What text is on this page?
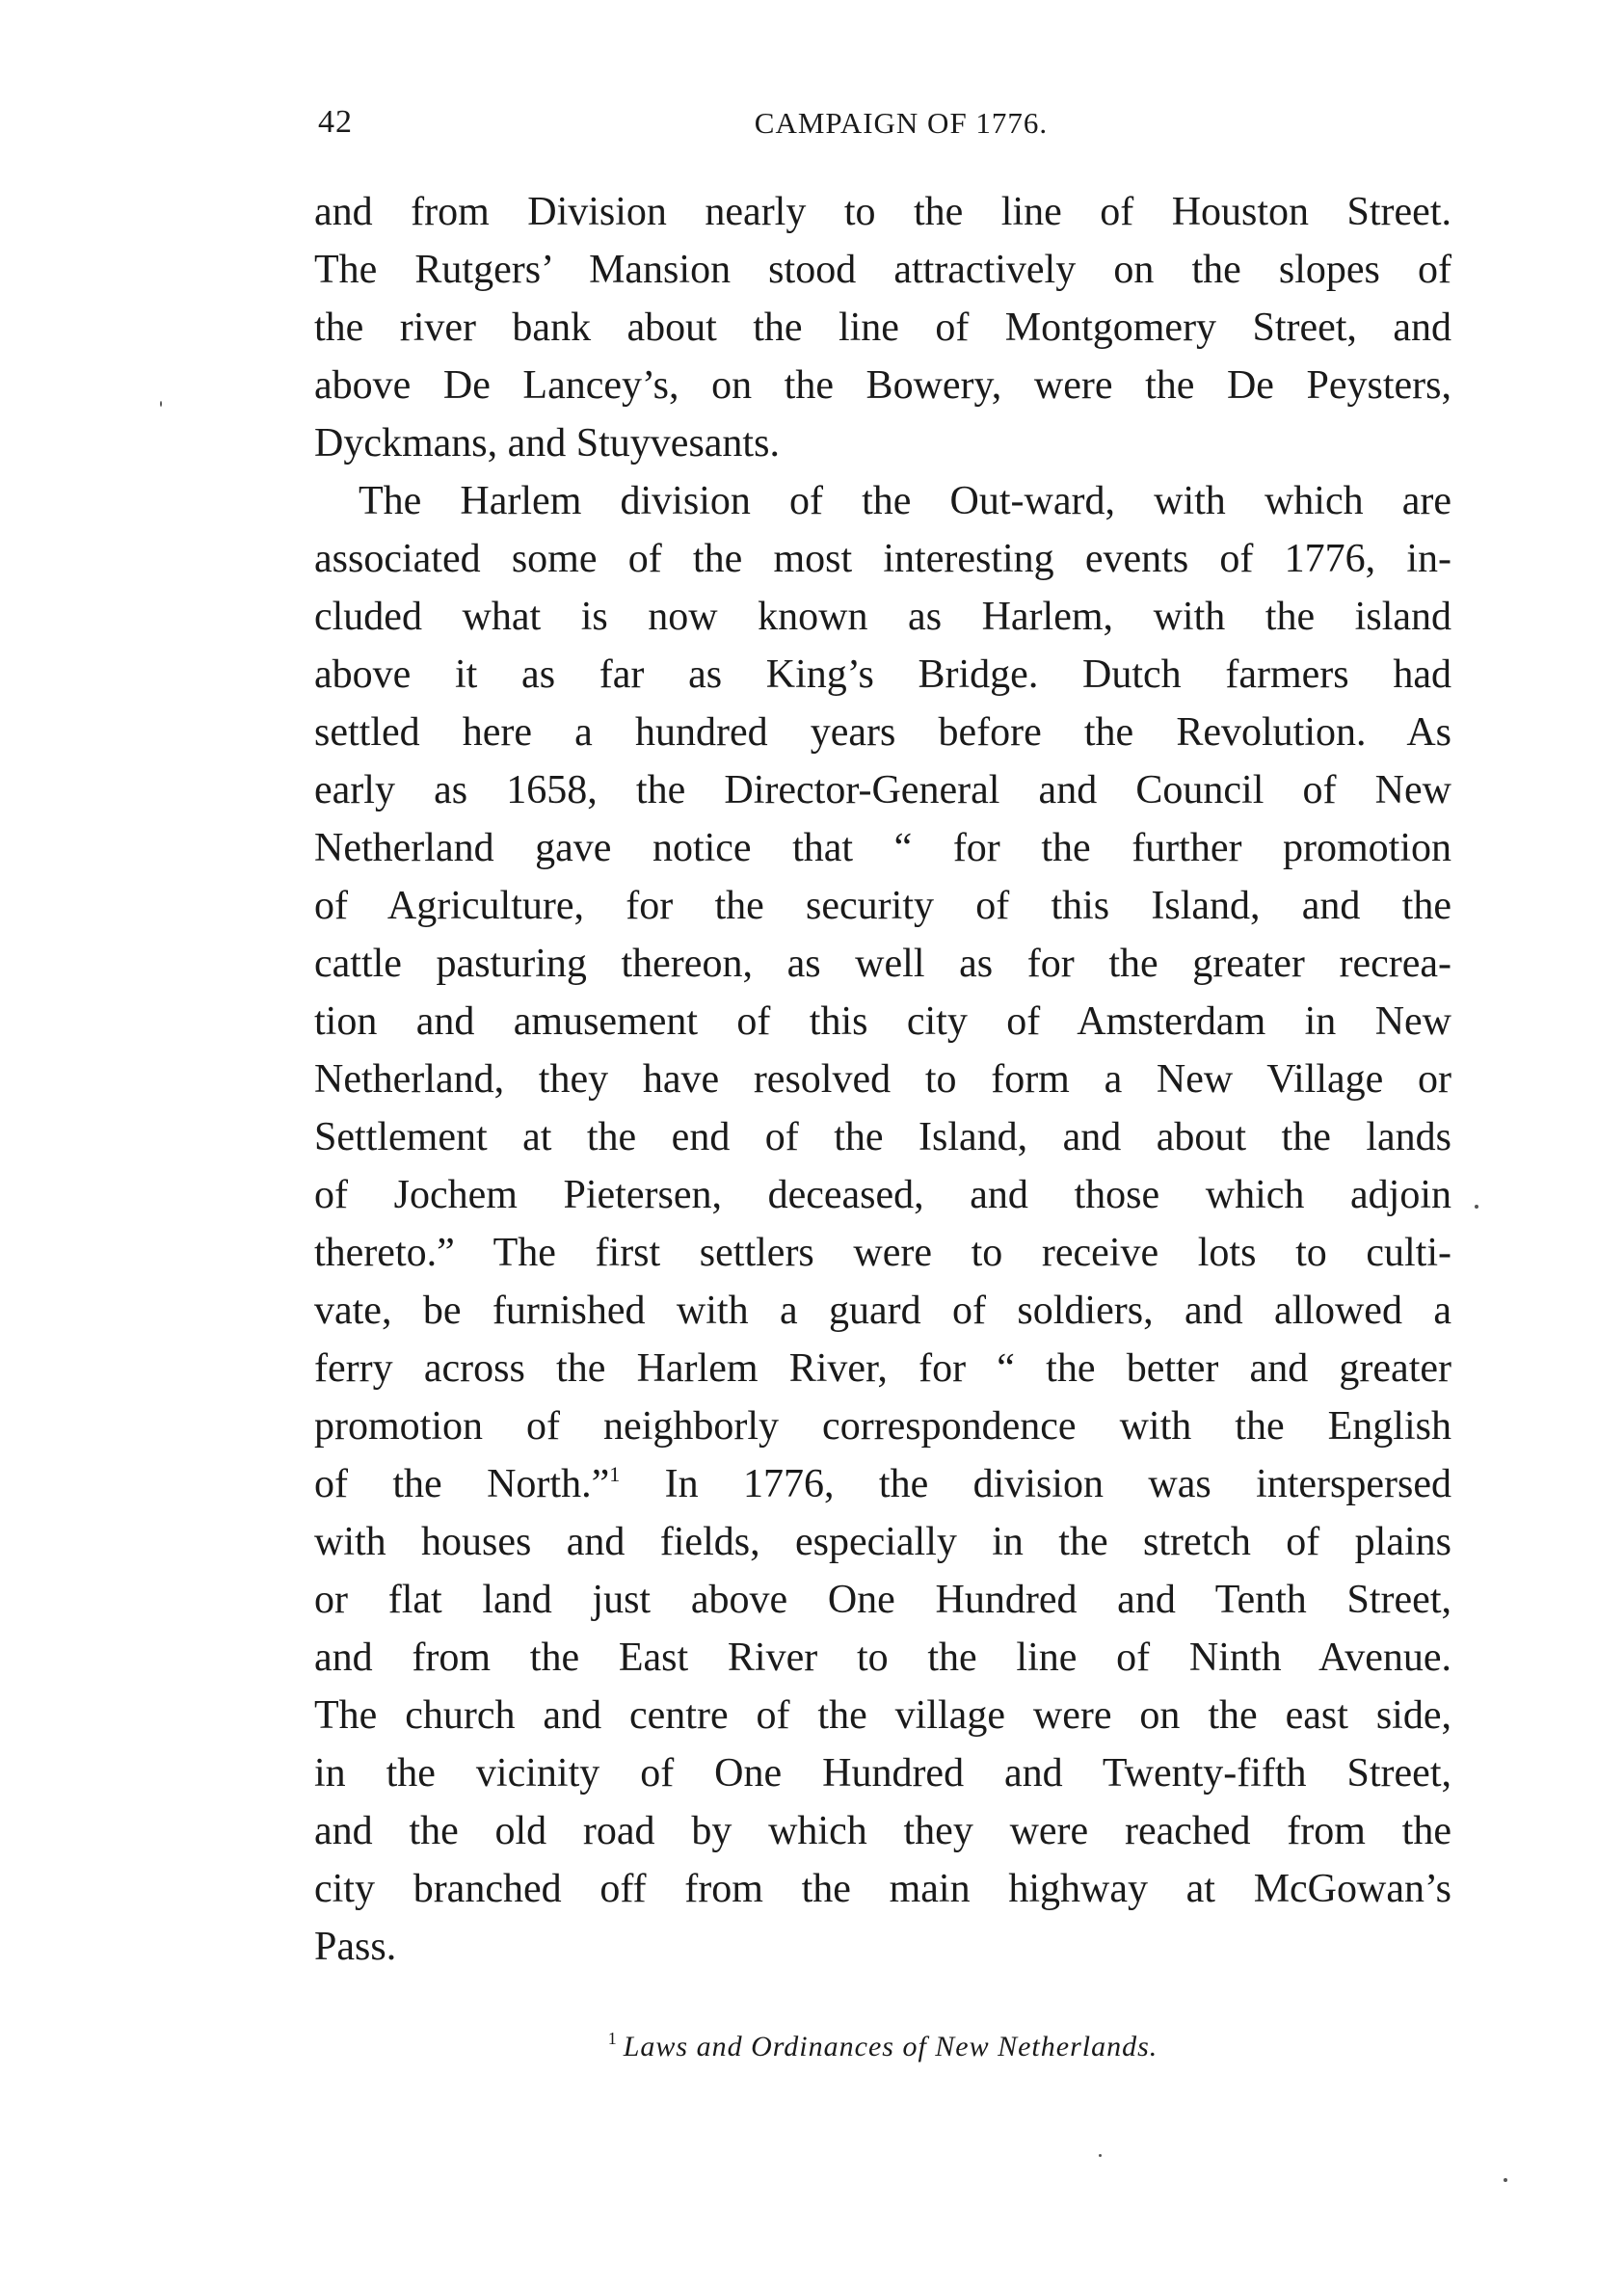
42	CAMPAIGN OF 1776.
and from Division nearly to the line of Houston Street.
The Rutgers’ Mansion stood attractively on the slopes of
the river bank about the line of Montgomery Street, and
above De Lancey’s, on the Bowery, were the De Peysters,
Dyckmans, and Stuyvesants.
The Harlem division of the Out-ward, with which are
associated some of the most interesting events of 1776, in-
cluded what is now known as Harlem, with the island
above it as far as King’s Bridge. Dutch farmers had
settled here a hundred years before the Revolution. As
early as 1658, the Director-General and Council of New
Netherland gave notice that “ for the further promotion
of Agriculture, for the security of this Island, and the
cattle pasturing thereon, as well as for the greater recrea-
tion and amusement of this city of Amsterdam in New
Netherland, they have resolved to form a New Village or
Settlement at the end of the Island, and about the lands
of Jochem Pietersen, deceased, and those which adjoin
thereto.” The first settlers were to receive lots to culti-
vate, be furnished with a guard of soldiers, and allowed a
ferry across the Harlem River, for “ the better and greater
promotion of neighborly correspondence with the English
of the North.”$^1$ In 1776, the division was interspersed
with houses and fields, especially in the stretch of plains
or flat land just above One Hundred and Tenth Street,
and from the East River to the line of Ninth Avenue.
The church and centre of the village were on the east side,
in the vicinity of One Hundred and Twenty-fifth Street,
and the old road by which they were reached from the
city branched off from the main highway at McGowan’s
Pass.
$^1$ Laws and Ordinances of New Netherlands.
